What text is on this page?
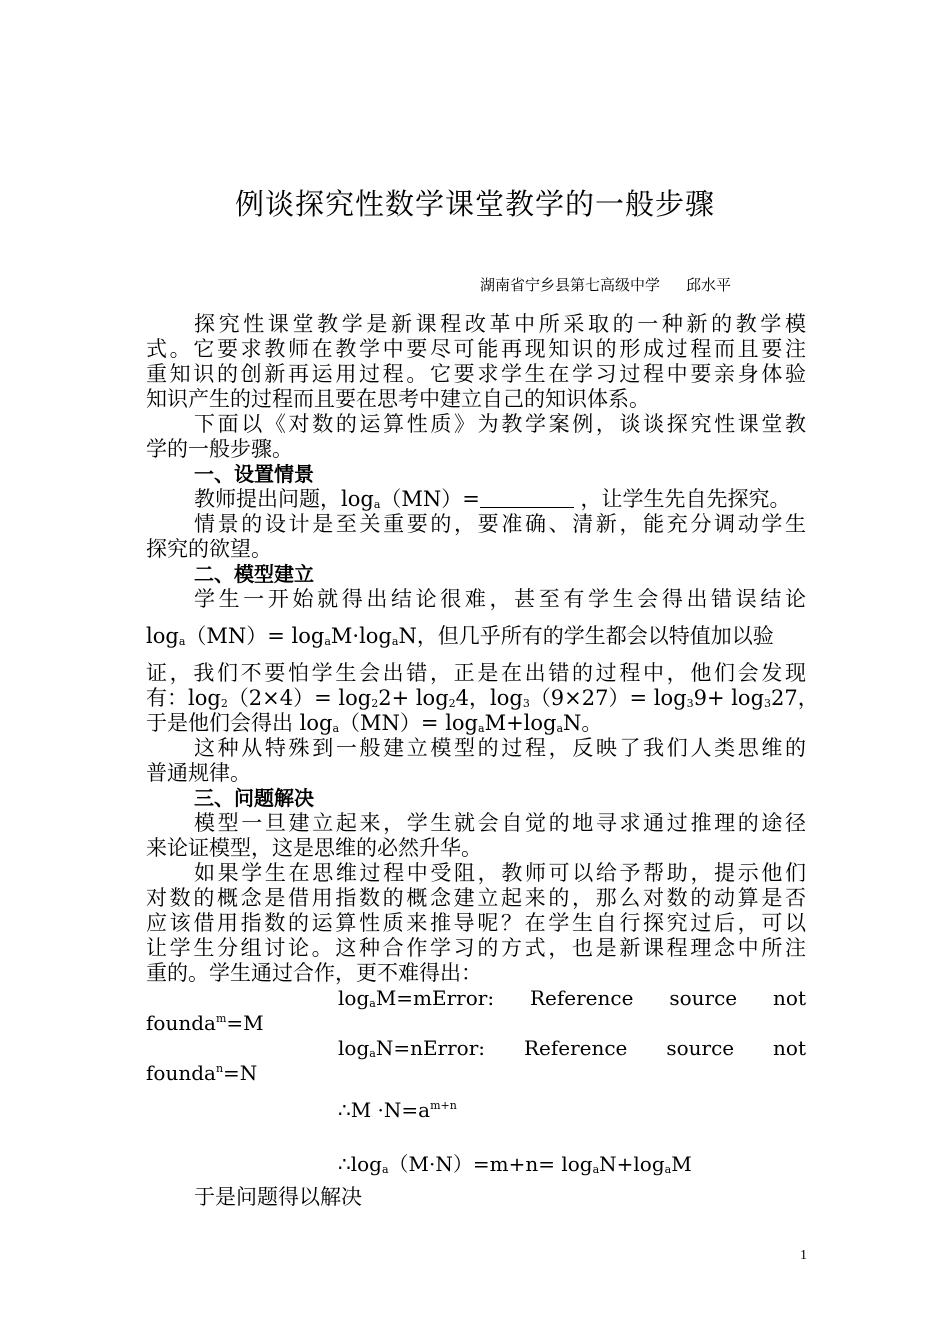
例谈探究性数学课堂教学的一般步骤
湖南省宁乡县第七高级中学 邱水平
探究性课堂教学是新课程改革中所采取的一种新的教学模
式。它要求教师在教学中要尽可能再现知识的形成过程而且要注
重知识的创新再运用过程。它要求学生在学习过程中要亲身体验
知识产生的过程而且要在思考中建立自己的知识体系。
下面以《对数的运算性质》为教学案例，谈谈探究性课堂教
学的一般步骤。
一、设置情景
教师提出问题，$\log_a(MN)=$	，让学生先自先探究。
情景的设计是至关重要的，要准确、清新，能充分调动学生
探究的欲望。
二、模型建立
学生一开始就得出结论很难，甚至有学生会得出错误结论
$\log_a(MN)= \log_aM\cdot\log_aN$，但几乎所有的学生都会以特值加以验
证，我们不要怕学生会出错，正是在出错的过程中，他们会发现
有：$\log_2(2\times 4)= \log_22+ \log_24$，$\log_3(9\times 27)= \log_39+ \log_327$，
于是他们会得出 $\log_a(MN)= \log_aM+\log_aN$。
这种从特殊到一般建立模型的过程，反映了我们人类思维的
普通规律。
三、问题解决
模型一旦建立起来，学生就会自觉的地寻求通过推理的途径
来论证模型，这是思维的必然升华。
如果学生在思维过程中受阻，教师可以给予帮助，提示他们
对数的概念是借用指数的概念建立起来的，那么对数的动算是否
应该借用指数的运算性质来推导呢？在学生自行探究过后，可以
让学生分组讨论。这种合作学习的方式，也是新课程理念中所注
重的。学生通过合作，更不难得出：
$\log_aM=mError$: Reference source not
founda$^m$=M
$\log_aN=nError$: Reference source not
founda$^n$=N
∴M $\cdot N=a^{m+n}$
$\therefore\log_a(M\cdot N)=m+n= \log_aN+\log_aM$
于是问题得以解决
1
